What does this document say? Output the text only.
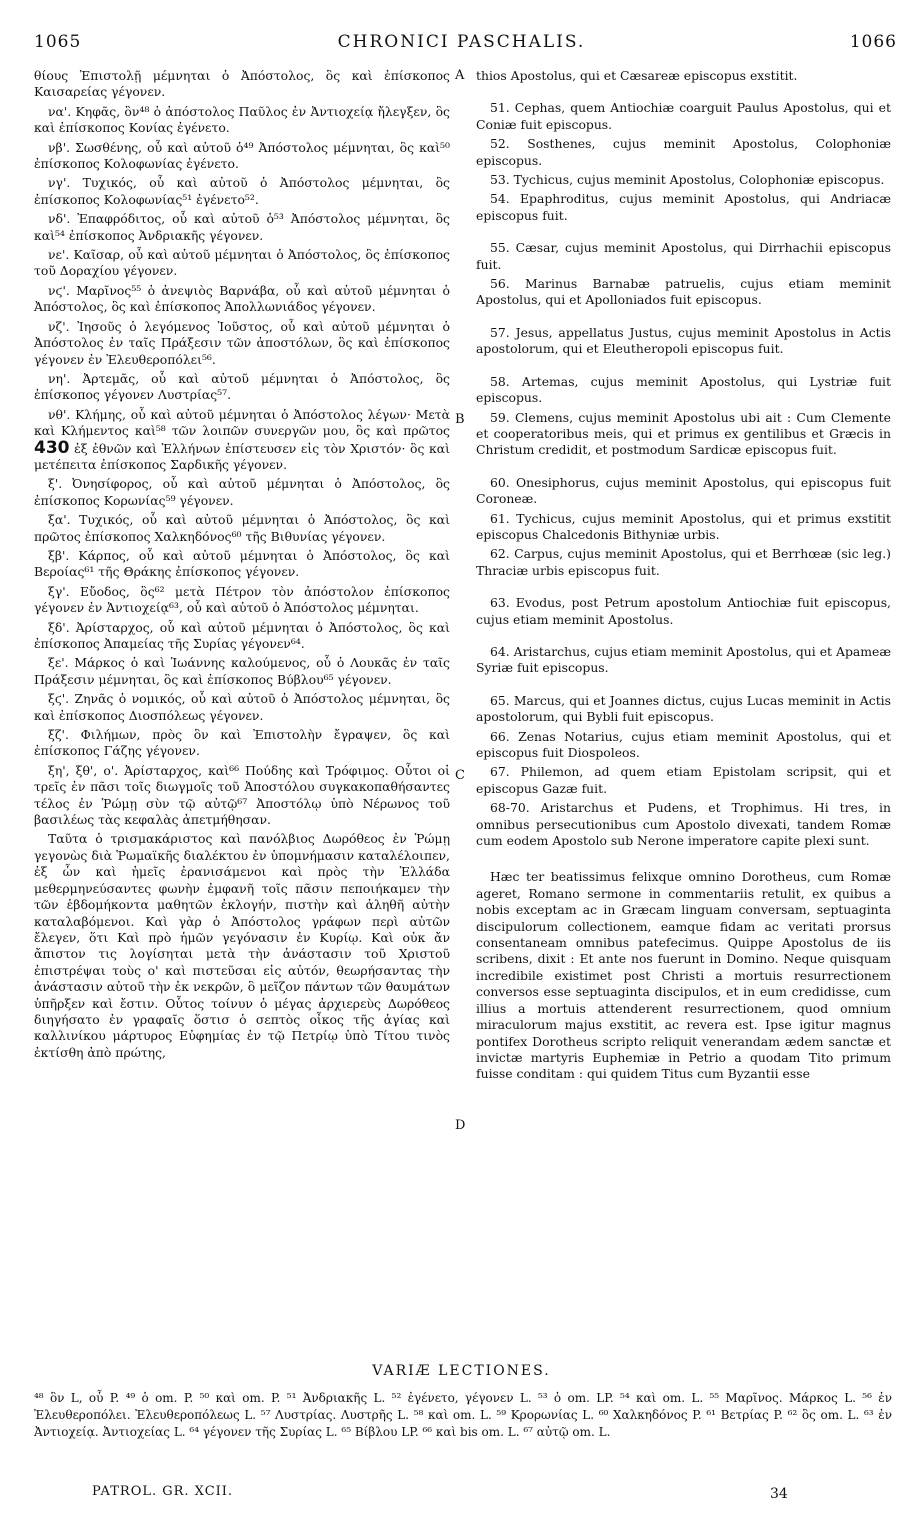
1065	CHRONICI PASCHALIS.	1066
A
B
C
D

θίους Ἐπιστολῇ μέμνηται ὁ Ἀπόστολος, ὃς καὶ ἐπίσκοπος Καισαρείας γέγονεν.

να'. Κηφᾶς, ὃν⁴⁸ ὁ ἀπόστολος Παῦλος ἐν Ἀντιοχείᾳ ἤλεγξεν, ὃς καὶ ἐπίσκοπος Κονίας ἐγένετο.

νβ'. Σωσθένης, οὗ καὶ αὐτοῦ ὁ⁴⁹ Ἀπόστολος μέμνηται, ὃς καὶ⁵⁰ ἐπίσκοπος Κολοφωνίας ἐγένετο.

νγ'. Τυχικός, οὗ καὶ αὐτοῦ ὁ Ἀπόστολος μέμνηται, ὃς ἐπίσκοπος Κολοφωνίας⁵¹ ἐγένετο⁵².

νδ'. Ἐπαφρόδιτος, οὗ καὶ αὐτοῦ ὁ⁵³ Ἀπόστολος μέμνηται, ὃς καὶ⁵⁴ ἐπίσκοπος Ἀνδριακῆς γέγονεν.

νε'. Καῖσαρ, οὗ καὶ αὐτοῦ μέμνηται ὁ Ἀπόστολος, ὃς ἐπίσκοπος τοῦ Δοραχίου γέγονεν.

νϛ'. Μαρῖνος⁵⁵ ὁ ἀνεψιὸς Βαρνάβα, οὗ καὶ αὐτοῦ μέμνηται ὁ Ἀπόστολος, ὃς καὶ ἐπίσκοπος Ἀπολλωνιάδος γέγονεν.

νζ'. Ἰησοῦς ὁ λεγόμενος Ἰοῦστος, οὗ καὶ αὐτοῦ μέμνηται ὁ Ἀπόστολος ἐν ταῖς Πράξεσιν τῶν ἀποστόλων, ὃς καὶ ἐπίσκοπος γέγονεν ἐν Ἐλευθεροπόλει⁵⁶.

νη'. Ἀρτεμᾶς, οὗ καὶ αὐτοῦ μέμνηται ὁ Ἀπόστολος, ὃς ἐπίσκοπος γέγονεν Λυστρίας⁵⁷.

νθ'. Κλήμης, οὗ καὶ αὐτοῦ μέμνηται ὁ Ἀπόστολος λέγων· Μετὰ καὶ Κλήμεντος καὶ⁵⁸ τῶν λοιπῶν συνεργῶν μου, ὃς καὶ πρῶτος 430 ἐξ ἐθνῶν καὶ Ἑλλήνων ἐπίστευσεν εἰς τὸν Χριστόν· ὃς καὶ μετέπειτα ἐπίσκοπος Σαρδικῆς γέγονεν.

ξ'. Ὀνησίφορος, οὗ καὶ αὐτοῦ μέμνηται ὁ Ἀπόστολος, ὃς ἐπίσκοπος Κορωνίας⁵⁹ γέγονεν.

ξα'. Τυχικός, οὗ καὶ αὐτοῦ μέμνηται ὁ Ἀπόστολος, ὃς καὶ πρῶτος ἐπίσκοπος Χαλκηδόνος⁶⁰ τῆς Βιθυνίας γέγονεν.

ξβ'. Κάρπος, οὗ καὶ αὐτοῦ μέμνηται ὁ Ἀπόστολος, ὃς καὶ Βεροίας⁶¹ τῆς Θράκης ἐπίσκοπος γέγονεν.

ξγ'. Εὔοδος, ὃς⁶² μετὰ Πέτρον τὸν ἀπόστολον ἐπίσκοπος γέγονεν ἐν Ἀντιοχείᾳ⁶³, οὗ καὶ αὐτοῦ ὁ Ἀπόστολος μέμνηται.

ξδ'. Ἀρίσταρχος, οὗ καὶ αὐτοῦ μέμνηται ὁ Ἀπόστολος, ὃς καὶ ἐπίσκοπος Ἀπαμείας τῆς Συρίας γέγονεν⁶⁴.

ξε'. Μάρκος ὁ καὶ Ἰωάννης καλούμενος, οὗ ὁ Λουκᾶς ἐν ταῖς Πράξεσιν μέμνηται, ὃς καὶ ἐπίσκοπος Βύβλου⁶⁵ γέγονεν.

ξϛ'. Ζηνᾶς ὁ νομικός, οὗ καὶ αὐτοῦ ὁ Ἀπόστολος μέμνηται, ὃς καὶ ἐπίσκοπος Διοσπόλεως γέγονεν.

ξζ'. Φιλήμων, πρὸς ὃν καὶ Ἐπιστολὴν ἔγραψεν, ὃς καὶ ἐπίσκοπος Γάζης γέγονεν.

ξη', ξθ', ο'. Ἀρίσταρχος, καὶ⁶⁶ Πούδης καὶ Τρόφιμος. Οὗτοι οἱ τρεῖς ἐν πᾶσι τοῖς διωγμοῖς τοῦ Ἀποστόλου συγκακοπαθήσαντες τέλος ἐν Ῥώμῃ σὺν τῷ αὐτῷ⁶⁷ Ἀποστόλῳ ὑπὸ Νέρωνος τοῦ βασιλέως τὰς κεφαλὰς ἀπετμήθησαν.

Ταῦτα ὁ τρισμακάριστος καὶ πανόλβιος Δωρόθεος ἐν Ῥώμῃ γεγονὼς διὰ Ῥωμαϊκῆς διαλέκτου ἐν ὑπομνήμασιν καταλέλοιπεν, ἐξ ὧν καὶ ἡμεῖς ἐρανισάμενοι καὶ πρὸς τὴν Ἑλλάδα μεθερμηνεύσαντες φωνὴν ἐμφανῆ τοῖς πᾶσιν πεποιήκαμεν τὴν τῶν ἑβδομήκοντα μαθητῶν ἐκλογήν, πιστὴν καὶ ἀληθῆ αὐτὴν καταλαβόμενοι. Καὶ γὰρ ὁ Ἀπόστολος γράφων περὶ αὐτῶν ἔλεγεν, ὅτι Καὶ πρὸ ἡμῶν γεγόνασιν ἐν Κυρίῳ. Καὶ οὐκ ἄν ἄπιστον τις λογίσηται μετὰ τὴν ἀνάστασιν τοῦ Χριστοῦ ἐπιστρέψαι τοὺς ο' καὶ πιστεῦσαι εἰς αὐτόν, θεωρήσαντας τὴν ἀνάστασιν αὐτοῦ τὴν ἐκ νεκρῶν, ὃ μεῖζον πάντων τῶν θαυμάτων ὑπῆρξεν καὶ ἔστιν. Οὗτος τοίνυν ὁ μέγας ἀρχιερεὺς Δωρόθεος διηγήσατο ἐν γραφαῖς ὅστισ ὁ σεπτὸς οἶκος τῆς ἁγίας καὶ καλλινίκου μάρτυρος Εὐφημίας ἐν τῷ Πετρίῳ ὑπὸ Τίτου τινὸς ἐκτίσθη ἀπὸ πρώτης,

thios Apostolus, qui et Cæsareæ episcopus exstitit.

51. Cephas, quem Antiochiæ coarguit Paulus Apostolus, qui et Coniæ fuit episcopus.

52. Sosthenes, cujus meminit Apostolus, Colophoniæ episcopus.

53. Tychicus, cujus meminit Apostolus, Colophoniæ episcopus.

54. Epaphroditus, cujus meminit Apostolus, qui Andriacæ episcopus fuit.

55. Cæsar, cujus meminit Apostolus, qui Dirrhachii episcopus fuit.

56. Marinus Barnabæ patruelis, cujus etiam meminit Apostolus, qui et Apolloniados fuit episcopus.

57. Jesus, appellatus Justus, cujus meminit Apostolus in Actis apostolorum, qui et Eleutheropoli episcopus fuit.

58. Artemas, cujus meminit Apostolus, qui Lystriæ fuit episcopus.

59. Clemens, cujus meminit Apostolus ubi ait : Cum Clemente et cooperatoribus meis, qui et primus ex gentilibus et Græcis in Christum credidit, et postmodum Sardicæ episcopus fuit.

60. Onesiphorus, cujus meminit Apostolus, qui episcopus fuit Coroneæ.

61. Tychicus, cujus meminit Apostolus, qui et primus exstitit episcopus Chalcedonis Bithyniæ urbis.

62. Carpus, cujus meminit Apostolus, qui et Berrhœæ (sic leg.) Thraciæ urbis episcopus fuit.

63. Evodus, post Petrum apostolum Antiochiæ fuit episcopus, cujus etiam meminit Apostolus.

64. Aristarchus, cujus etiam meminit Apostolus, qui et Apameæ Syriæ fuit episcopus.

65. Marcus, qui et Joannes dictus, cujus Lucas meminit in Actis apostolorum, qui Bybli fuit episcopus.

66. Zenas Notarius, cujus etiam meminit Apostolus, qui et episcopus fuit Diospoleos.

67. Philemon, ad quem etiam Epistolam scripsit, qui et episcopus Gazæ fuit.

68-70. Aristarchus et Pudens, et Trophimus. Hi tres, in omnibus persecutionibus cum Apostolo divexati, tandem Romæ cum eodem Apostolo sub Nerone imperatore capite plexi sunt.

Hæc ter beatissimus felixque omnino Dorotheus, cum Romæ ageret, Romano sermone in commentariis retulit, ex quibus a nobis exceptam ac in Græcam linguam conversam, septuaginta discipulorum collectionem, eamque fidam ac veritati prorsus consentaneam omnibus patefecimus. Quippe Apostolus de iis scribens, dixit : Et ante nos fuerunt in Domino. Neque quisquam incredibile existimet post Christi a mortuis resurrectionem conversos esse septuaginta discipulos, et in eum credidisse, cum illius a mortuis attenderent resurrectionem, quod omnium miraculorum majus exstitit, ac revera est. Ipse igitur magnus pontifex Dorotheus scripto reliquit venerandam ædem sanctæ et invictæ martyris Euphemiæ in Petrio a quodam Tito primum fuisse conditam : qui quidem Titus cum Byzantii esse

VARIÆ LECTIONES.
⁴⁸ ὃν L, οὗ P. ⁴⁹ ὁ om. P. ⁵⁰ καὶ om. P. ⁵¹ Ἀνδριακῆς L. ⁵² ἐγένετο, γέγονεν L. ⁵³ ὁ om. LP. ⁵⁴ καὶ om. L. ⁵⁵ Μαρῖνος. Μάρκος L. ⁵⁶ ἐν Ἐλευθεροπόλει. Ἐλευθεροπόλεως L. ⁵⁷ Λυστρίας. Λυστρῆς L. ⁵⁸ καὶ om. L. ⁵⁹ Κρορωνίας L. ⁶⁰ Χαλκηδόνος P. ⁶¹ Βετρίας P. ⁶² ὃς om. L. ⁶³ ἐν Ἀντιοχείᾳ. Ἀντιοχείας L. ⁶⁴ γέγονεν τῆς Συρίας L. ⁶⁵ Βίβλου LP. ⁶⁶ καὶ bis om. L. ⁶⁷ αὐτῷ om. L.
PATROL. GR. XCII.	34
